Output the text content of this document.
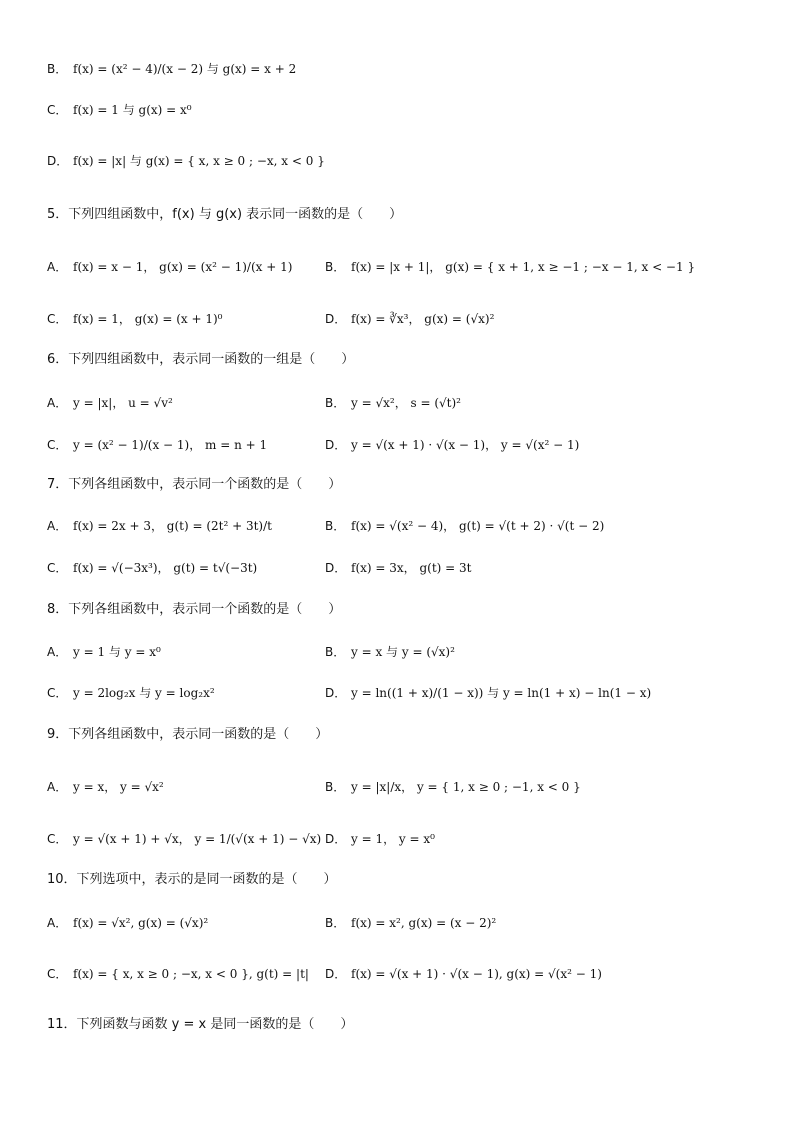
B． f(x) = (x² − 4)/(x − 2) 与 g(x) = x + 2
C． f(x) = 1 与 g(x) = x⁰
D． f(x) = |x| 与 g(x) = { x, x ≥ 0 ; −x, x < 0 }
5．下列四组函数中，f(x) 与 g(x) 表示同一函数的是（　　）
A． f(x) = x − 1， g(x) = (x² − 1)/(x + 1)	B． f(x) = |x + 1|， g(x) = { x + 1, x ≥ −1 ; −x − 1, x < −1 }
C． f(x) = 1， g(x) = (x + 1)⁰	D． f(x) = ∛x³， g(x) = (√x)²
6．下列四组函数中，表示同一函数的一组是（　　）
A． y = |x|， u = √v²	B． y = √x²， s = (√t)²
C． y = (x² − 1)/(x − 1)， m = n + 1	D． y = √(x + 1) · √(x − 1)， y = √(x² − 1)
7．下列各组函数中，表示同一个函数的是（　　）
A． f(x) = 2x + 3， g(t) = (2t² + 3t)/t	B． f(x) = √(x² − 4)， g(t) = √(t + 2) · √(t − 2)
C． f(x) = √(−3x³)， g(t) = t√(−3t)	D． f(x) = 3x， g(t) = 3t
8．下列各组函数中，表示同一个函数的是（　　）
A． y = 1 与 y = x⁰	B． y = x 与 y = (√x)²
C． y = 2log₂x 与 y = log₂x²	D． y = ln((1 + x)/(1 − x)) 与 y = ln(1 + x) − ln(1 − x)
9．下列各组函数中，表示同一函数的是（　　）
A． y = x， y = √x²	B． y = |x|/x， y = { 1, x ≥ 0 ; −1, x < 0 }
C． y = √(x + 1) + √x， y = 1/(√(x + 1) − √x) D． y = 1， y = x⁰
10．下列选项中，表示的是同一函数的是（　　）
A． f(x) = √x², g(x) = (√x)²	B． f(x) = x², g(x) = (x − 2)²
C． f(x) = { x, x ≥ 0 ; −x, x < 0 }, g(t) = |t| D． f(x) = √(x + 1) · √(x − 1), g(x) = √(x² − 1)
11．下列函数与函数 y = x 是同一函数的是（　　）
